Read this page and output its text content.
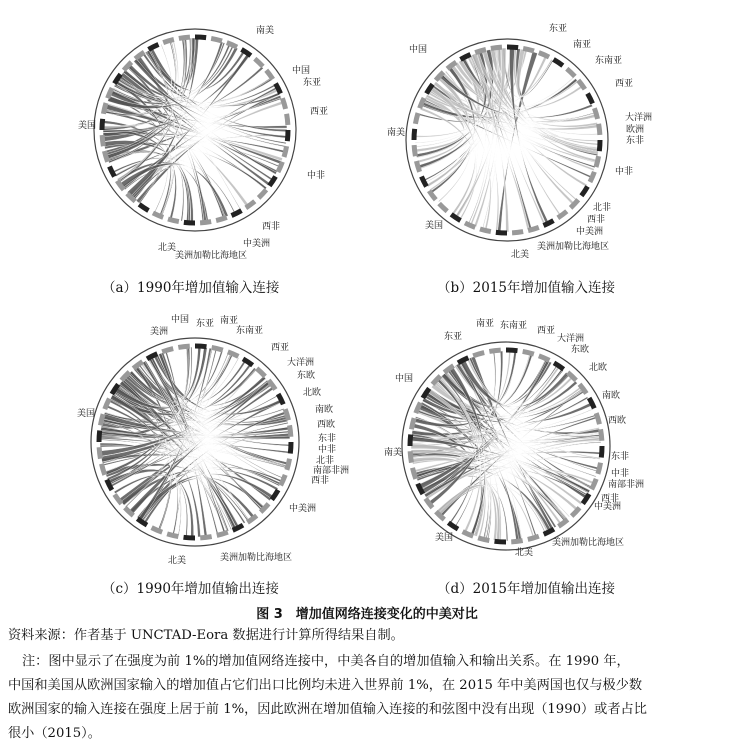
南美
中国
东亚
西亚
中非
西非
中美洲
美洲加勒比海地区
北美
美国
（a）1990年增加值输入连接
东亚
南亚
东南亚
西亚
大洋洲
欧洲
东非
中非
北非
西非
中美洲
美洲加勒比海地区
北美
美国
南美
中国
（b）2015年增加值输入连接
中国 东亚 南亚
东南亚
西亚
大洋洲
东欧
北欧
南欧
西欧
东非
中非
北非
南部非洲
西非
中美洲
美洲加勒比海地区
北美
美国
美洲
（c）1990年增加值输出连接
东亚
南亚 东南亚 西亚
大洋洲
东欧
北欧
南欧
西欧
东非
中非
南部非洲
西非
中美洲
美洲加勒比海地区
北美
美国
南美
中国
（d）2015年增加值输出连接
图 3　增加值网络连接变化的中美对比
资料来源：作者基于 UNCTAD-Eora 数据进行计算所得结果自制。
注：图中显示了在强度为前 1%的增加值网络连接中，中美各自的增加值输入和输出关系。在 1990 年，
中国和美国从欧洲国家输入的增加值占它们出口比例均未进入世界前 1%，在 2015 年中美两国也仅与极少数
欧洲国家的输入连接在强度上居于前 1%，因此欧洲在增加值输入连接的和弦图中没有出现（1990）或者占比
很小（2015）。
